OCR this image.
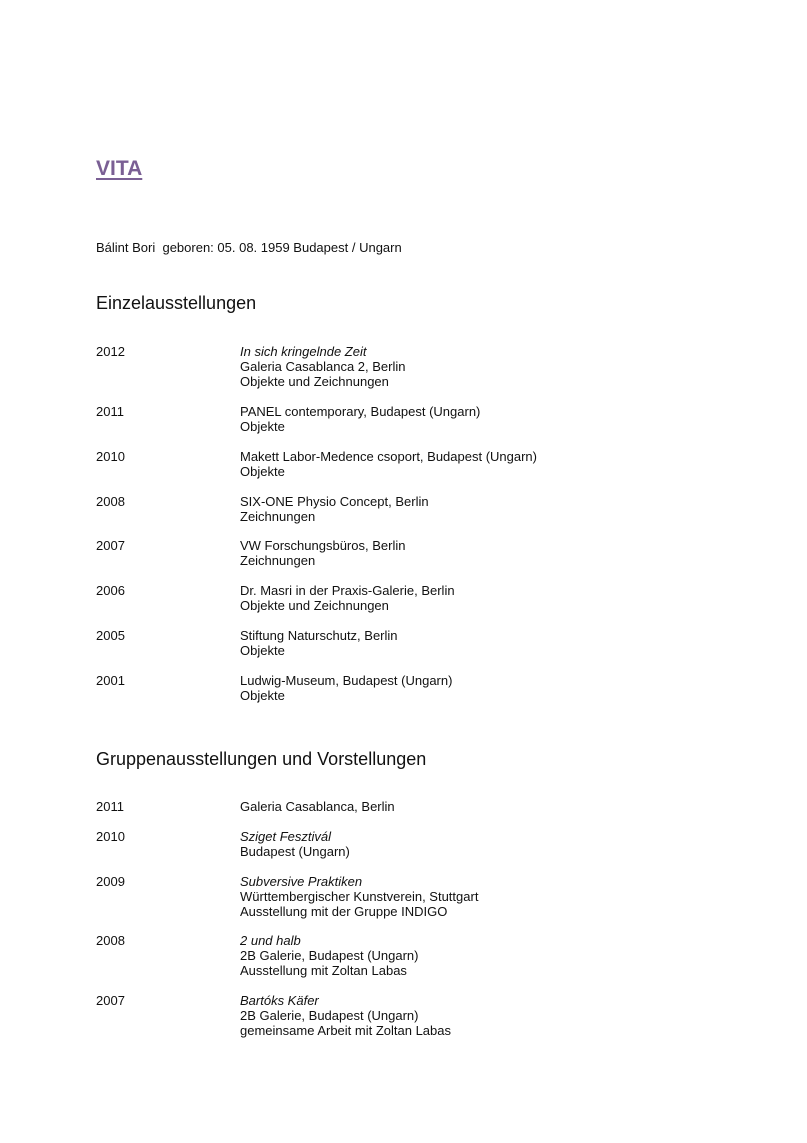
VITA
Bálint Bori  geboren: 05. 08. 1959 Budapest / Ungarn
Einzelausstellungen
2012	In sich kringelnde Zeit
Galeria Casablanca 2, Berlin
Objekte und Zeichnungen
2011	PANEL contemporary, Budapest (Ungarn)
Objekte
2010	Makett Labor-Medence csoport, Budapest (Ungarn)
Objekte
2008	SIX-ONE Physio Concept, Berlin
Zeichnungen
2007	VW Forschungsbüros, Berlin
Zeichnungen
2006	Dr. Masri in der Praxis-Galerie, Berlin
Objekte und Zeichnungen
2005	Stiftung Naturschutz, Berlin
Objekte
2001	Ludwig-Museum, Budapest (Ungarn)
Objekte
Gruppenausstellungen und Vorstellungen
2011	Galeria Casablanca, Berlin
2010	Sziget Fesztivál
Budapest (Ungarn)
2009	Subversive Praktiken
Württembergischer Kunstverein, Stuttgart
Ausstellung mit der Gruppe INDIGO
2008	2 und halb
2B Galerie, Budapest (Ungarn)
Ausstellung mit Zoltan Labas
2007	Bartóks Käfer
2B Galerie, Budapest (Ungarn)
gemeinsame Arbeit mit Zoltan Labas
